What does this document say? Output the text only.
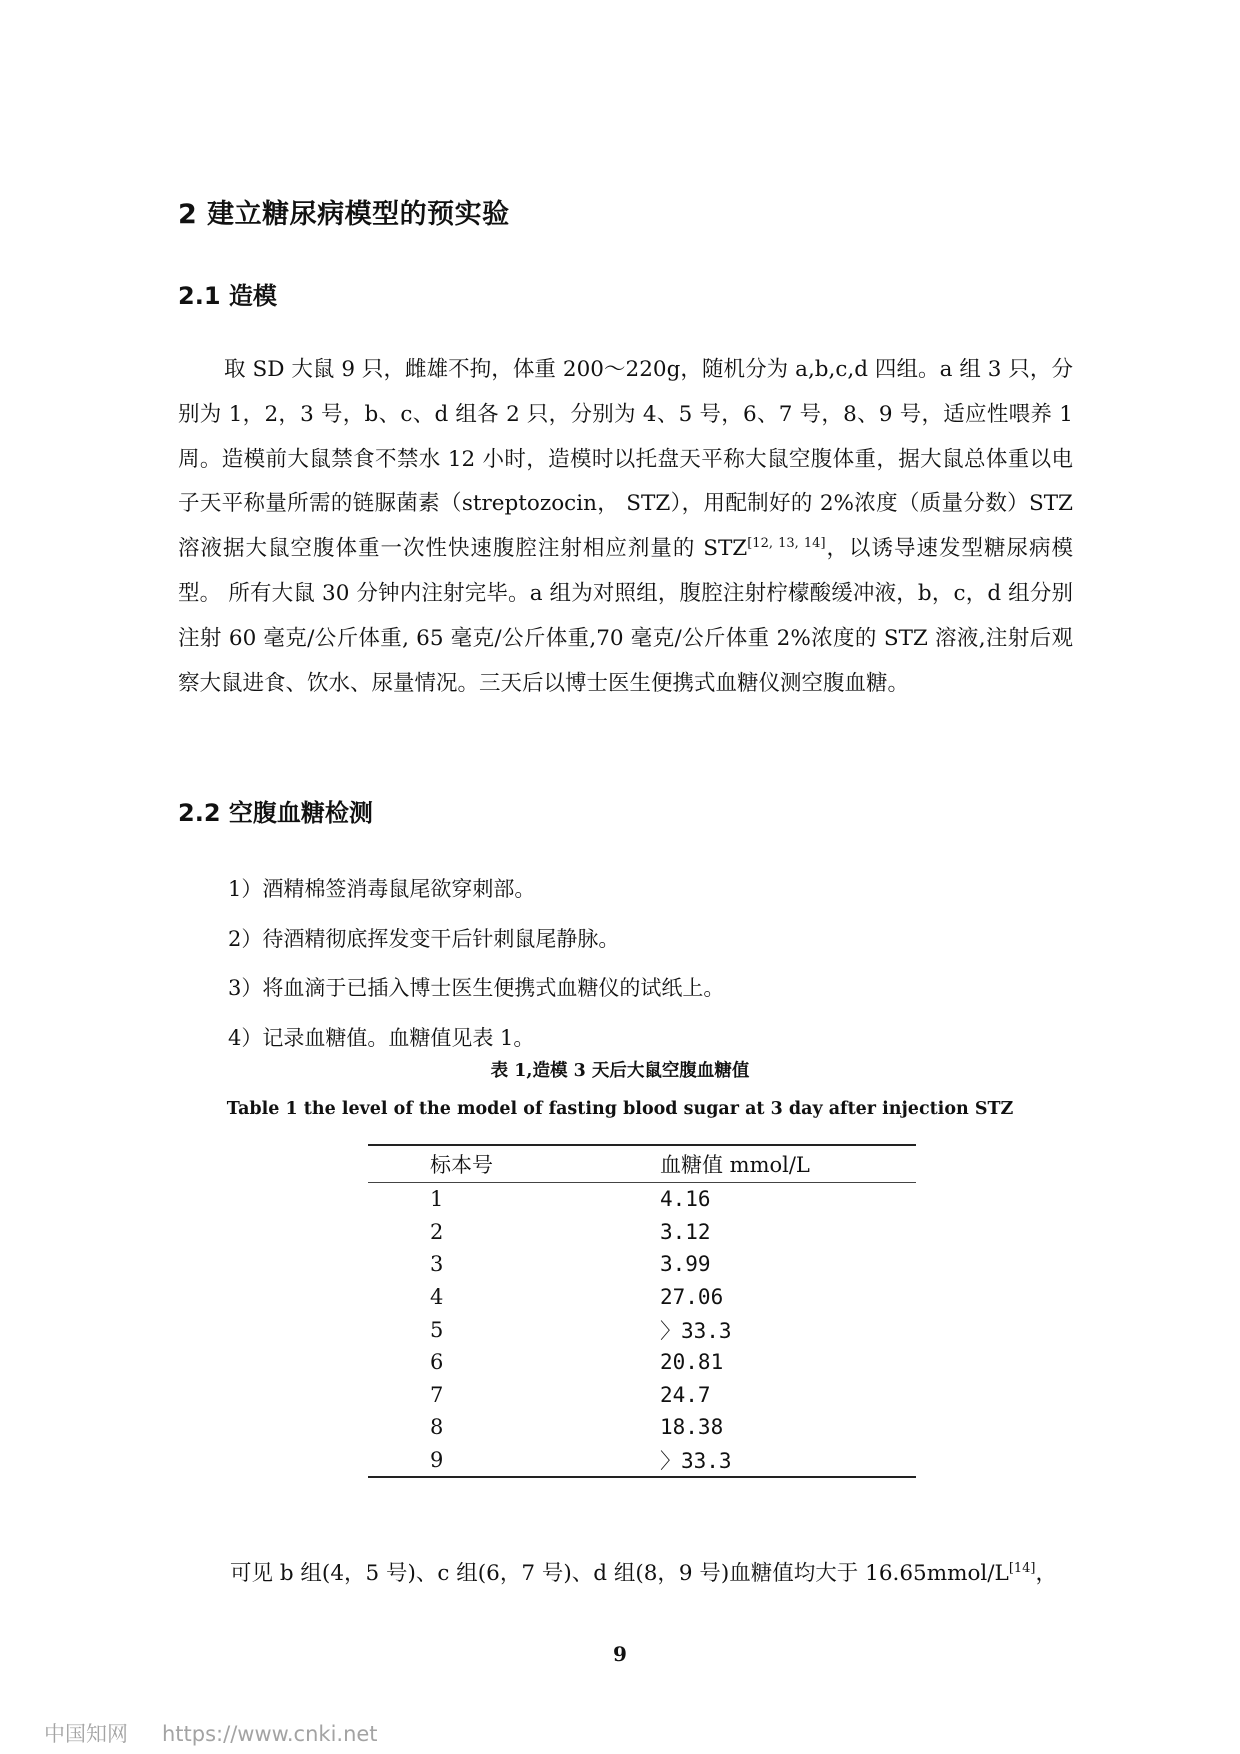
2 建立糖尿病模型的预实验
2.1 造模

取 SD 大鼠 9 只，雌雄不拘，体重 200～220g，随机分为 a,b,c,d 四组。a 组 3 只，分别为 1，2，3 号，b、c、d 组各 2 只，分别为 4、5 号，6、7 号，8、9 号，适应性喂养 1 周。造模前大鼠禁食不禁水 12 小时，造模时以托盘天平称大鼠空腹体重，据大鼠总体重以电子天平称量所需的链脲菌素（streptozocin， STZ），用配制好的 2%浓度（质量分数）STZ 溶液据大鼠空腹体重一次性快速腹腔注射相应剂量的 STZ[12, 13, 14]，以诱导速发型糖尿病模型。 所有大鼠 30 分钟内注射完毕。a 组为对照组，腹腔注射柠檬酸缓冲液，b，c，d 组分别注射 60 毫克/公斤体重, 65 毫克/公斤体重,70 毫克/公斤体重 2%浓度的 STZ 溶液,注射后观察大鼠进食、饮水、尿量情况。三天后以博士医生便携式血糖仪测空腹血糖。

2.2 空腹血糖检测
1）酒精棉签消毒鼠尾欲穿刺部。
2）待酒精彻底挥发变干后针刺鼠尾静脉。
3）将血滴于已插入博士医生便携式血糖仪的试纸上。
4）记录血糖值。血糖值见表 1。
表 1,造模 3 天后大鼠空腹血糖值
Table 1 the level of the model of fasting blood sugar at 3 day after injection STZ
标本号	血糖值 mmol/L
1	4.16
2	3.12
3	3.99
4	27.06
5	〉33.3
6	20.81
7	24.7
8	18.38
9	〉33.3

可见 b 组(4，5 号)、c 组(6，7 号)、d 组(8，9 号)血糖值均大于 16.65mmol/L[14]，

9
中国知网 https://www.cnki.net
